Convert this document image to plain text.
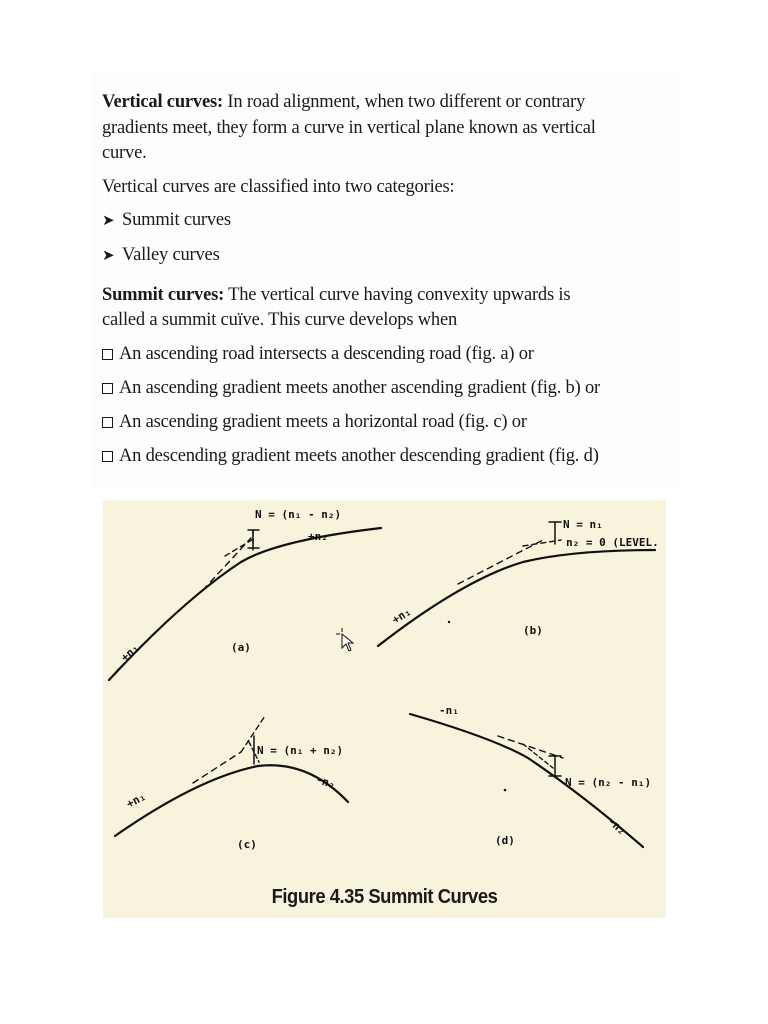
Vertical curves: In road alignment, when two different or contrary
gradients meet, they form a curve in vertical plane known as vertical
curve.
Vertical curves are classified into two categories:
➤ Summit curves
➤ Valley curves
Summit curves: The vertical curve having convexity upwards is
called a summit cuїve. This curve develops when
An ascending road intersects a descending road (fig. a) or
An ascending gradient meets another ascending gradient (fig. b) or
An ascending gradient meets a horizontal road (fig. c) or
An descending gradient meets another descending gradient (fig. d)
+n₁
N = (n₁ - n₂)
+n₂
(a)
+n₁
N = n₁
n₂ = 0 (LEVEL.
(b)
+n₁
N = (n₁ + n₂)
-n₂
(c)
-n₁
N = (n₂ - n₁)
-n₂
(d)
Figure 4.35 Summit Curves
